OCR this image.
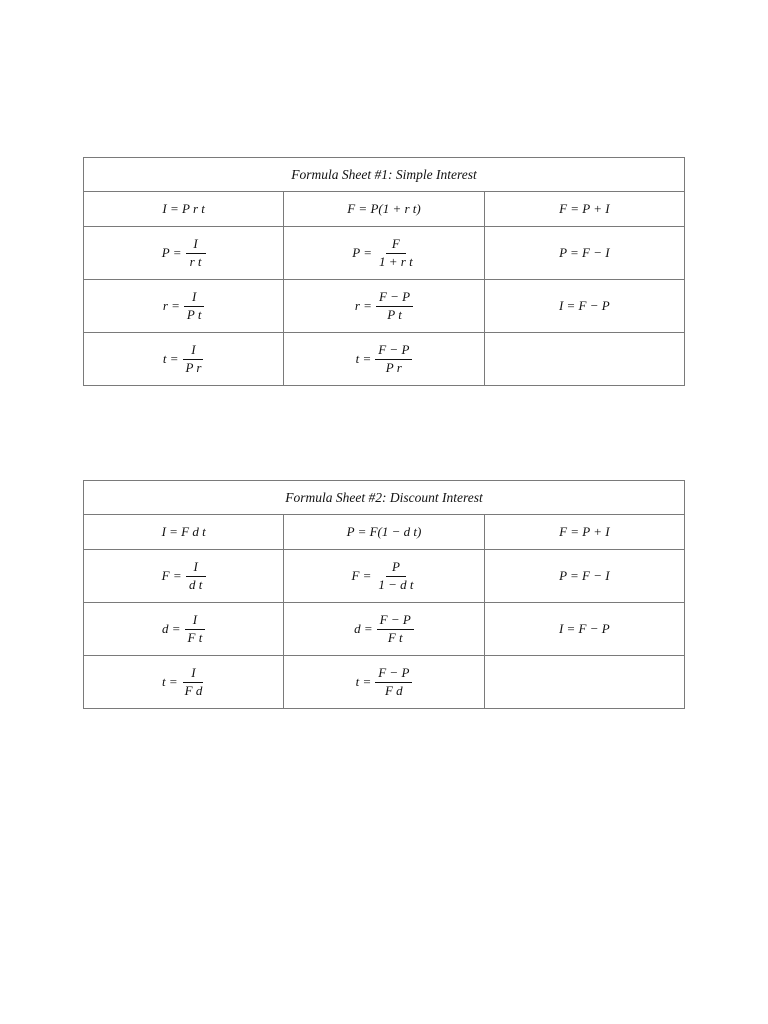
Formula Sheet #1: Simple Interest		
I = P r t	F = P(1 + r t)	F = P + I

$P = \frac{I}{\text{r t}}$	$P = \frac{F}{\text{1 + r t}}$	P = F − I

$r = \frac{I}{\text{P t}}$	$r = \frac{F - P}{\text{P t}}$	I = F − P

$t = \frac{I}{\text{P r}}$	$t = \frac{F - P}{\text{P r}}$

Formula Sheet #2: Discount Interest		
I = F d t	P = F(1 − d t)	F = P + I

$F = \frac{I}{\text{d t}}$	$F = \frac{P}{\text{1 − d t}}$	P = F − I

$d = \frac{I}{\text{F t}}$	$d = \frac{F - P}{\text{F t}}$	I = F − P

$t = \frac{I}{\text{F d}}$	$t = \frac{F - P}{\text{F d}}$
